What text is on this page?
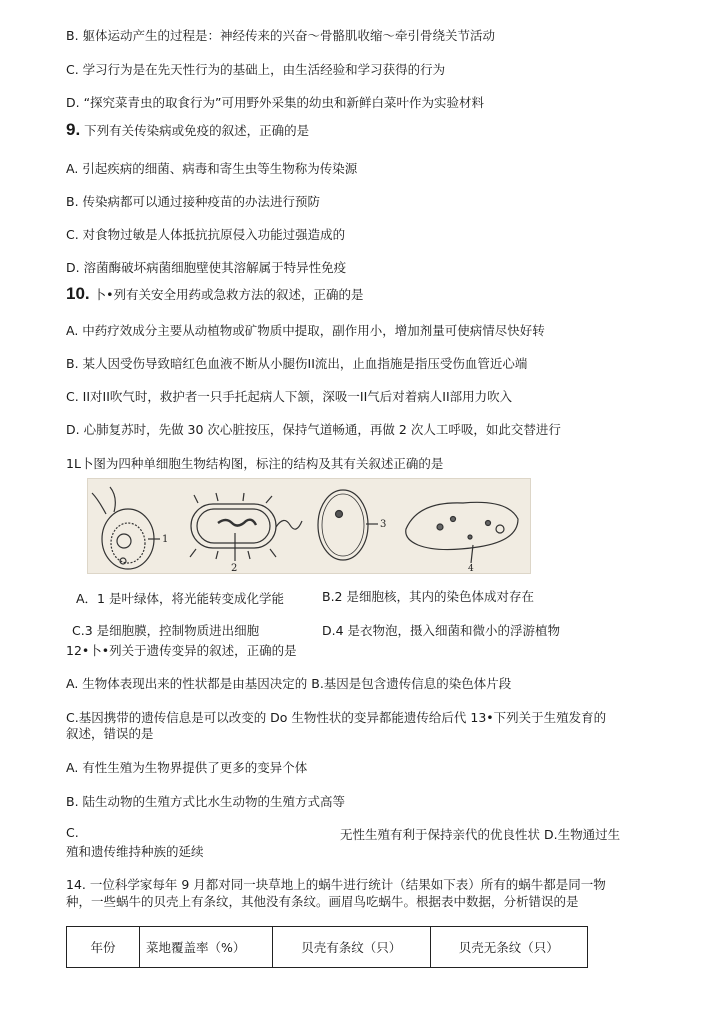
B. 躯体运动产生的过程是：神经传来的兴奋～骨骼肌收缩～牵引骨绕关节活动
C. 学习行为是在先天性行为的基础上，由生活经验和学习获得的行为
D. “探究菜青虫的取食行为”可用野外采集的幼虫和新鲜白菜叶作为实验材料
9. 下列有关传染病或免疫的叙述，正确的是
A. 引起疾病的细菌、病毒和寄生虫等生物称为传染源
B. 传染病都可以通过接种疫苗的办法进行预防
C. 对食物过敏是人体抵抗抗原侵入功能过强造成的
D. 溶菌酶破坏病菌细胞壁使其溶解属于特异性免疫
10. 卜•列有关安全用药或急救方法的叙述，正确的是
A. 中药疗效成分主要从动植物或矿物质中提取，副作用小，增加剂量可使病情尽快好转
B. 某人因受伤导致暗红色血液不断从小腿伤II流出，止血指施是指压受伤血管近心端
C. II对II吹气时，救护者一只手托起病人下颔，深吸一II气后对着病人II部用力吹入
D. 心肺复苏时，先做 30 次心脏按压，保持气道畅通，再做 2 次人工呼吸，如此交替进行
1L卜图为四种单细胞生物结构图，标注的结构及其有关叙述正确的是
1
2
3
4
A．1 是叶绿体，将光能转变成化学能	B.2 是细胞核，其内的染色体成对存在
C.3 是细胞膜，控制物质进出细胞	D.4 是衣物泡，摄入细菌和微小的浮游植物
12•卜•列关于遗传变异的叙述，正确的是
A. 生物体表现出来的性状都是由基因决定的 B.基因是包含遗传信息的染色体片段
C.基因携带的遗传信息是可以改变的 Do 生物性状的变异都能遗传给后代 13•下列关于生殖发育的
叙述，错误的是
A. 有性生殖为生物界提供了更多的变异个体
B. 陆生动物的生殖方式比水生动物的生殖方式高等
C.	无性生殖有利于保持亲代的优良性状 D.生物通过生
殖和遗传维持种族的延续
14. 一位科学家每年 9 月都对同一块草地上的蜗牛进行统计（结果如下表）所有的蜗牛都是同一物
种，一些蜗牛的贝壳上有条纹，其他没有条纹。画眉鸟吃蜗牛。根据表中数据，分析错误的是
年份	菜地覆盖率（%）	贝壳有条纹（只）	贝壳无条纹（只）
